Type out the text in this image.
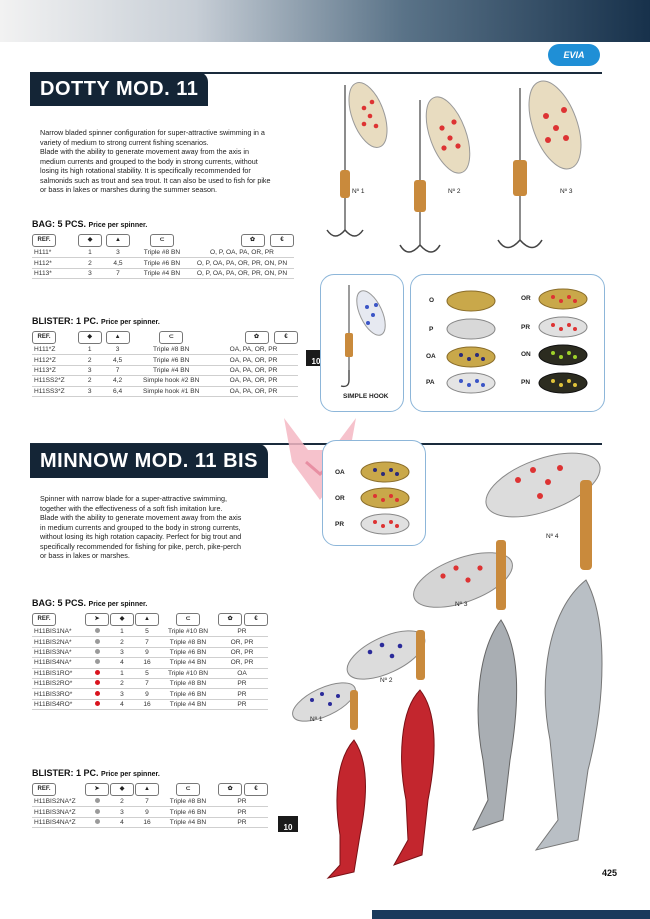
EVIA
DOTTY MOD. 11

Narrow bladed spinner configuration for super-attractive swimming in a

variety of medium to strong current fishing scenarios.

Blade with the ability to generate movement away from the axis in

medium currents and grouped to the body in strong currents, without

losing its high rotational stability. It is specifically recommended for

salmonids such as trout and sea trout. It can also be used to fish for pike

or bass in lakes or marshes during the summer season.

BAG: 5 PCS. Price per spinner.
REF.	◆	▲	⊂	✿ €
H111*	1	3	Triple #8 BN	O, P, OA, PA, OR, PR
H112*	2	4,5	Triple #6 BN	O, P, OA, PA, OR, PR, ON, PN
H113*	3	7	Triple #4 BN	O, P, OA, PA, OR, PR, ON, PN
BLISTER: 1 PC. Price per spinner.
REF.	◆	▲	⊂	✿ €
H111*Z	1	3	Triple #8 BN	OA, PA, OR, PR
H112*Z	2	4,5	Triple #6 BN	OA, PA, OR, PR
H113*Z	3	7	Triple #4 BN	OA, PA, OR, PR
H11SS2*Z	2	4,2	Simple hook #2 BN	OA, PA, OR, PR
H11SS3*Z	3	6,4	Simple hook #1 BN	OA, PA, OR, PR
10
Nº 1	Nº 2	Nº 3
SIMPLE HOOK
O
P
OA
PA
OR
PR
ON
PN
MINNOW MOD. 11 BIS

Spinner with narrow blade for a super-attractive swimming,

together with the effectiveness of a soft fish imitation lure.

Blade with the ability to generate movement away from the axis

in medium currents and grouped to the body in strong currents,

without losing its high rotation capacity. Perfect for big trout and

specifically recommended for fishing for pike, perch, pike-perch

or bass in lakes or marshes.

OA
OR
PR
BAG: 5 PCS. Price per spinner.
REF.	➤	◆	▲	⊂	✿ €
H11BIS1NA*		1	5	Triple #10 BN	PR
H11BIS2NA*		2	7	Triple #8 BN	OR, PR
H11BIS3NA*		3	9	Triple #6 BN	OR, PR
H11BIS4NA*		4	16	Triple #4 BN	OR, PR
H11BIS1RO*		1	5	Triple #10 BN	OA
H11BIS2RO*		2	7	Triple #8 BN	PR
H11BIS3RO*		3	9	Triple #6 BN	PR
H11BIS4RO*		4	16	Triple #4 BN	PR
BLISTER: 1 PC. Price per spinner.
REF.	➤	◆	▲	⊂	✿ €
H11BIS2NA*Z		2	7	Triple #8 BN	PR
H11BIS3NA*Z		3	9	Triple #6 BN	PR
H11BIS4NA*Z		4	16	Triple #4 BN	PR
10
Nº 4
Nº 3
Nº 2
Nº 1
425
